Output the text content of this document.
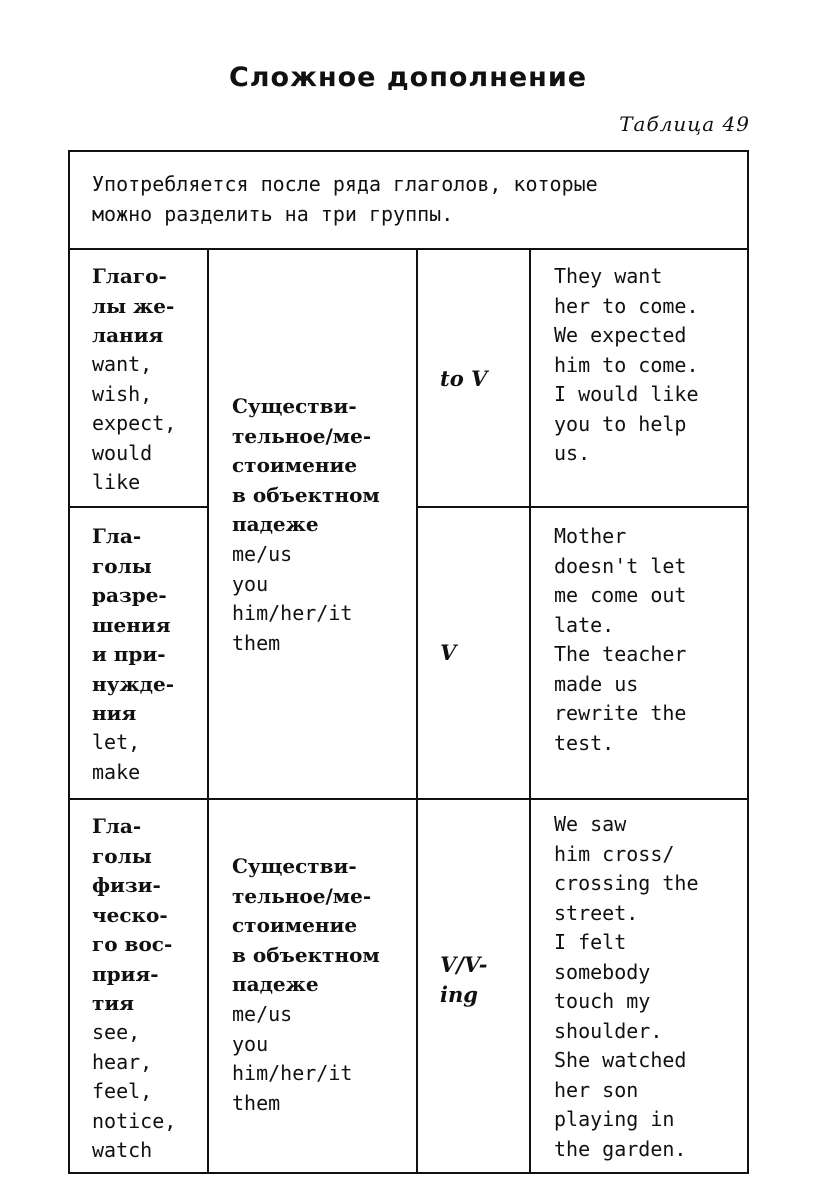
Сложное дополнение
Таблица 49
Употребляется после ряда глаголов, которые
можно разделить на три группы.
Глаго-
лы же-
лания
want,
wish,
expect,
would
like
to V
They want
her to come.
We expected
him to come.
I would like
you to help
us.
Гла-
голы
разре-
шения
и при-
нужде-
ния
let,
make
Существи-
тельное/ме-
стоимение
в объектном
падеже
me/us
you
him/her/it
them	V
Mother
doesn't let
me come out
late.
The teacher
made us
rewrite the
test.
Гла-
голы
физи-
ческо-
го вос-
прия-
тия
see,
hear,
feel,
notice,
watch
Существи-
тельное/ме-
стоимение
в объектном
падеже
me/us
you
him/her/it
them
V/V-
ing
We saw
him cross/
crossing the
street.
I felt
somebody
touch my
shoulder.
She watched
her son
playing in
the garden.
